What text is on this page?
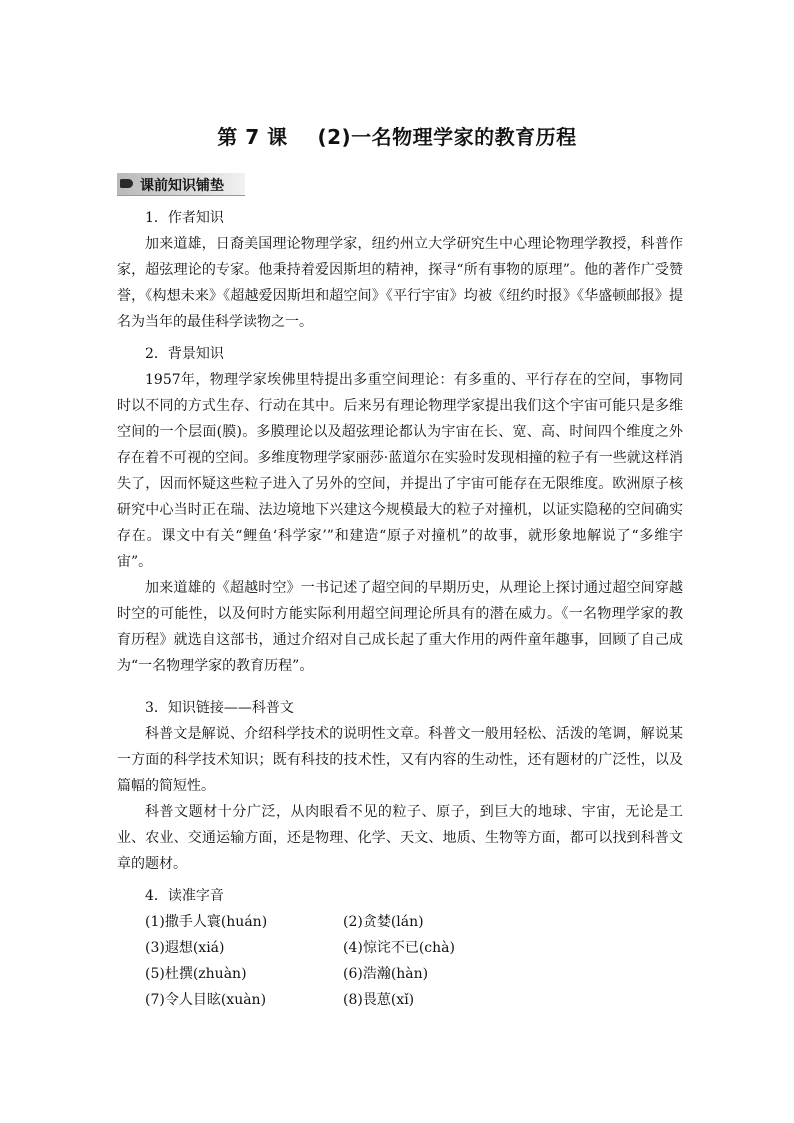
第 7 课    (2)一名物理学家的教育历程
课前知识铺垫

1．作者知识

加来道雄，日裔美国理论物理学家，纽约州立大学研究生中心理论物理学教授，科普作家，超弦理论的专家。他秉持着爱因斯坦的精神，探寻“所有事物的原理”。他的著作广受赞誉，《构想未来》《超越爱因斯坦和超空间》《平行宇宙》均被《纽约时报》《华盛顿邮报》提名为当年的最佳科学读物之一。

2．背景知识

1957年，物理学家埃佛里特提出多重空间理论：有多重的、平行存在的空间，事物同时以不同的方式生存、行动在其中。后来另有理论物理学家提出我们这个宇宙可能只是多维空间的一个层面(膜)。多膜理论以及超弦理论都认为宇宙在长、宽、高、时间四个维度之外存在着不可视的空间。多维度物理学家丽莎·蓝道尔在实验时发现相撞的粒子有一些就这样消失了，因而怀疑这些粒子进入了另外的空间，并提出了宇宙可能存在无限维度。欧洲原子核研究中心当时正在瑞、法边境地下兴建这今规模最大的粒子对撞机，以证实隐秘的空间确实存在。课文中有关“鲤鱼‘科学家’”和建造“原子对撞机”的故事，就形象地解说了“多维宇宙”。

加来道雄的《超越时空》一书记述了超空间的早期历史，从理论上探讨通过超空间穿越时空的可能性，以及何时方能实际利用超空间理论所具有的潜在威力。《一名物理学家的教育历程》就选自这部书，通过介绍对自己成长起了重大作用的两件童年趣事，回顾了自己成为“一名物理学家的教育历程”。

3．知识链接——科普文

科普文是解说、介绍科学技术的说明性文章。科普文一般用轻松、活泼的笔调，解说某一方面的科学技术知识；既有科技的技术性，又有内容的生动性，还有题材的广泛性，以及篇幅的简短性。

科普文题材十分广泛，从肉眼看不见的粒子、原子，到巨大的地球、宇宙，无论是工业、农业、交通运输方面，还是物理、化学、天文、地质、生物等方面，都可以找到科普文章的题材。

4．读准字音

(1)撒手人寰(huán)	(2)贪婪(lán)
(3)遐想(xiá)	(4)惊诧不已(chà)
(5)杜撰(zhuàn)	(6)浩瀚(hàn)
(7)令人目眩(xuàn)	(8)畏葸(xǐ)
